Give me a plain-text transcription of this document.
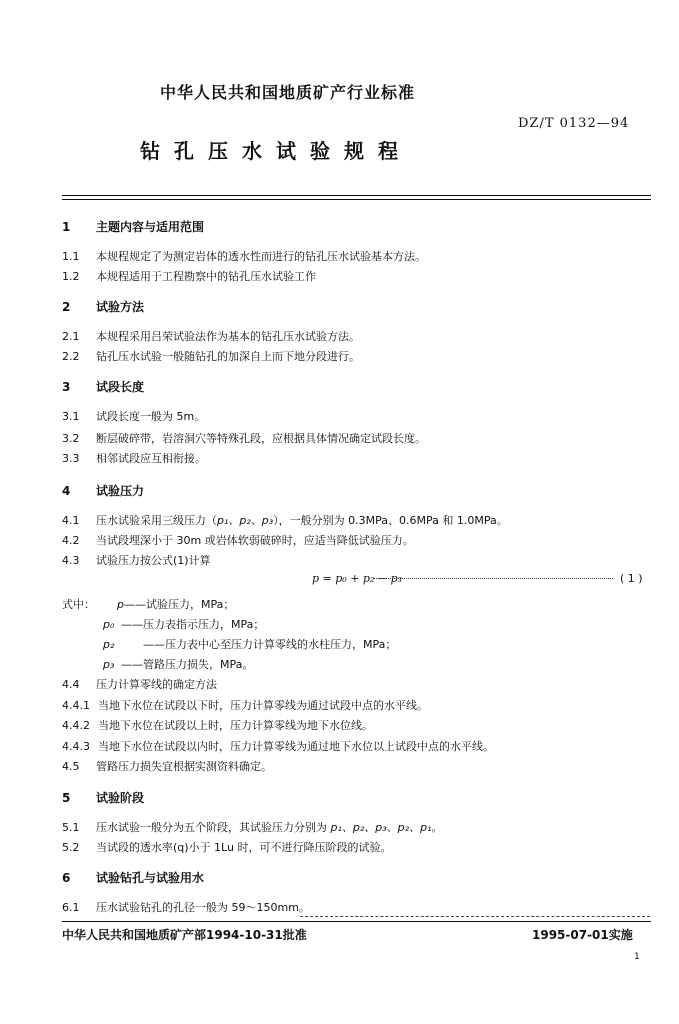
中华人民共和国地质矿产行业标准
DZ/T 0132—94
钻孔压水试验规程
1 主题内容与适用范围
1.1 本规程规定了为测定岩体的透水性而进行的钻孔压水试验基本方法。
1.2 本规程适用于工程勘察中的钻孔压水试验工作
2 试验方法
2.1 本规程采用吕荣试验法作为基本的钻孔压水试验方法。
2.2 钻孔压水试验一般随钻孔的加深自上而下地分段进行。
3 试段长度
3.1 试段长度一般为 5m。
3.2 断层破碎带，岩溶洞穴等特殊孔段，应根据具体情况确定试段长度。
3.3 相邻试段应互相衔接。
4 试验压力
4.1 压水试验采用三级压力（p₁、p₂、p₃），一般分别为 0.3MPa、0.6MPa 和 1.0MPa。
4.2 当试段埋深小于 30m 或岩体软弱破碎时，应适当降低试验压力。
4.3 试验压力按公式(1)计算
p = p₀ + p₂ − p₃	( 1 )
式中： p——试验压力，MPa；
p₀ ——压力表指示压力，MPa；
p₂	——压力表中心至压力计算零线的水柱压力，MPa；
p₃ ——管路压力损失，MPa。
4.4 压力计算零线的确定方法
4.4.1 当地下水位在试段以下时，压力计算零线为通过试段中点的水平线。
4.4.2 当地下水位在试段以上时，压力计算零线为地下水位线。
4.4.3 当地下水位在试段以内时，压力计算零线为通过地下水位以上试段中点的水平线。
4.5 管路压力损失宜根据实测资料确定。
5 试验阶段
5.1 压水试验一般分为五个阶段，其试验压力分别为 p₁、p₂、p₃、p₂、p₁。
5.2 当试段的透水率(q)小于 1Lu 时，可不进行降压阶段的试验。
6 试验钻孔与试验用水
6.1 压水试验钻孔的孔径一般为 59～150mm。
中华人民共和国地质矿产部1994-10-31批准	1995-07-01实施
1
